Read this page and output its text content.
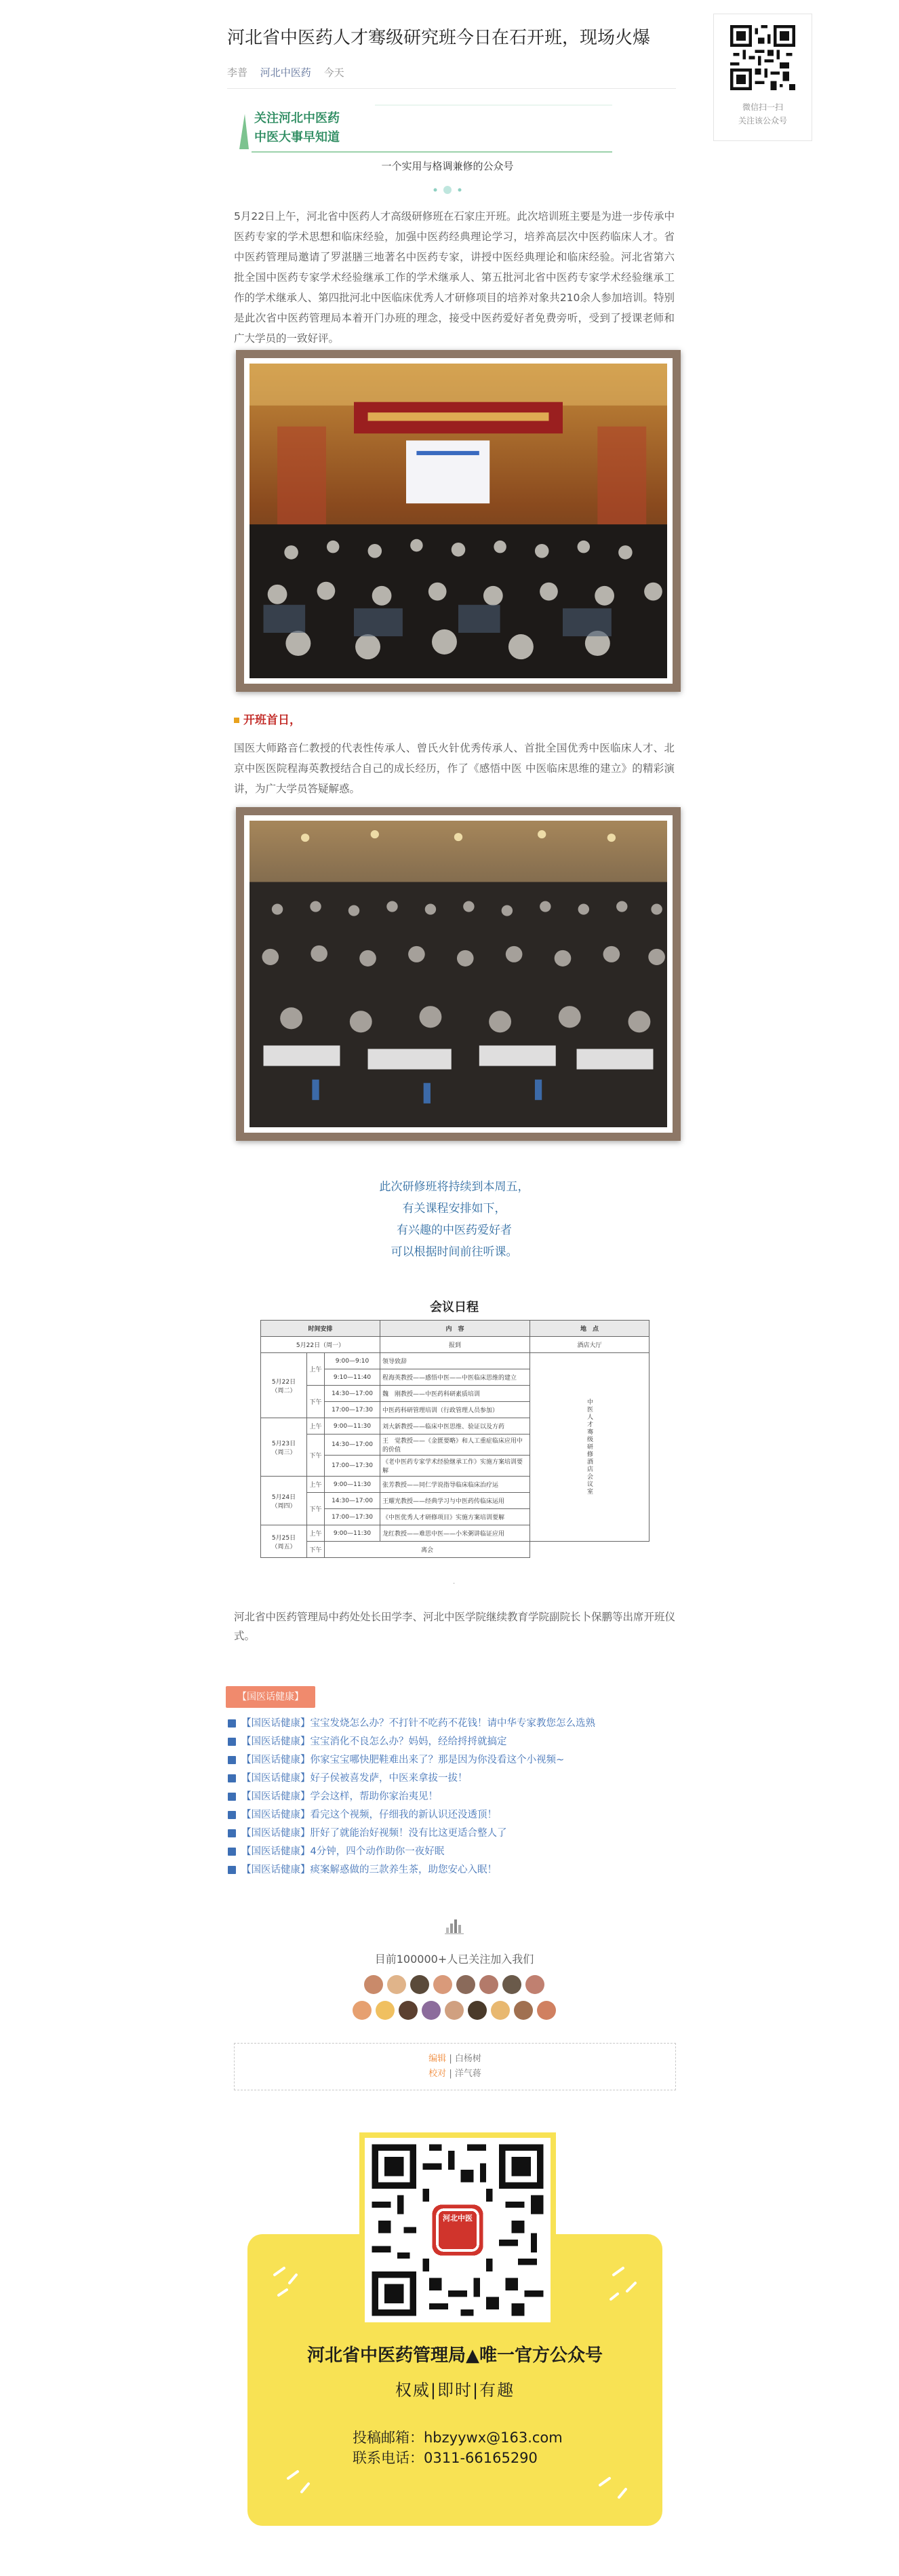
河北省中医药人才骞级研究班今日在石开班，现场火爆
李普 河北中医药 今天
微信扫一扫
关注该公众号
关注河北中医药
中医大事早知道
一个实用与格调兼修的公众号
5月22日上午，河北省中医药人才高级研修班在石家庄开班。此次培训班主要是为进一步传承中医药专家的学术思想和临床经验，加强中医药经典理论学习，培养高层次中医药临床人才。省中医药管理局邀请了罗湛膳三地著名中医药专家，讲授中医经典理论和临床经验。河北省第六批全国中医药专家学术经验继承工作的学术继承人、第五批河北省中医药专家学术经验继承工作的学术继承人、第四批河北中医临床优秀人才研修项目的培养对象共210余人参加培训。特别是此次省中医药管理局本着开门办班的理念，接受中医药爱好者免费旁听，受到了授课老师和广大学员的一致好评。
开班首日，
国医大师路音仁教授的代表性传承人、曾氏火针优秀传承人、首批全国优秀中医临床人才、北京中医医院程海英教授结合自己的成长经历，作了《感悟中医 中医临床思维的建立》的精彩演讲，为广大学员答疑解惑。
此次研修班将持续到本周五，
有关课程安排如下，
有兴趣的中医药爱好者
可以根据时间前往听课。
会议日程
时间安排			内　容	地　点
5月22日（周一）			报到	酒店大厅

5月22日
（周二）	上午	9:00—9:10	领导致辞	中医人才骞级研修酒店会议室
		9:10—11:40	程海英教授——感悟中医——中医临床思维的建立	
	下午	14:30—17:00	魏　刚教授——中医药科研素质培训	
		17:00—17:30	中医药科研管理培训（行政管理人员参加）	

5月23日
（周三）	上午	9:00—11:30	刘大新教授——临床中医思维、验证以及方药	
	下午	14:30—17:00	王　觉教授——《金匮要略》和人工重症临床应用中的价值	
		17:00—17:30	《老中医药专家学术经验继承工作》实施方案培训要解	

5月24日
（周四）	上午	9:00—11:30	张芳教授——同仁学说指导临床临床治疗运	
	下午	14:30—17:00	王耀光教授——经典学习与中医药传临床运用	
		17:00—17:30	《中医优秀人才研修项目》实施方案培训要解	

5月25日
（周五）	上午	9:00—11:30	龙红教授——难思中医——小米粥讲临证应用	
	下午	离会		
·
河北省中医药管理局中药处处长田学李、河北中医学院继续教育学院副院长卜保鹏等出席开班仪式。
【国医话健康】
【国医话健康】宝宝发烧怎么办？不打针不吃药不花钱！请中华专家教您怎么选熟
【国医话健康】宝宝消化不良怎么办？妈妈，经给捋捋就搞定
【国医话健康】你家宝宝哪快肥鞋难出来了？那是因为你没看这个小视频~
【国医话健康】好子侯被喜发萨，中医来拿拔一拔！
【国医话健康】学会这样，帮助你家治夷见！
【国医话健康】看完这个视频，仔细我的新认识还没透顶！
【国医话健康】肝好了就能治好视频！没有比这更适合整人了
【国医话健康】4分钟，四个动作助你一夜好眠
【国医话健康】痰案解惑做的三款养生茶，助您安心入眠！
目前100000+人已关注加入我们
编辑 | 白杨树
校对 | 洋气蒋
河北中医
河北省中医药管理局▲唯一官方公众号
权威|即时|有趣
投稿邮箱：hbzyywx@163.com
联系电话：0311-66165290
